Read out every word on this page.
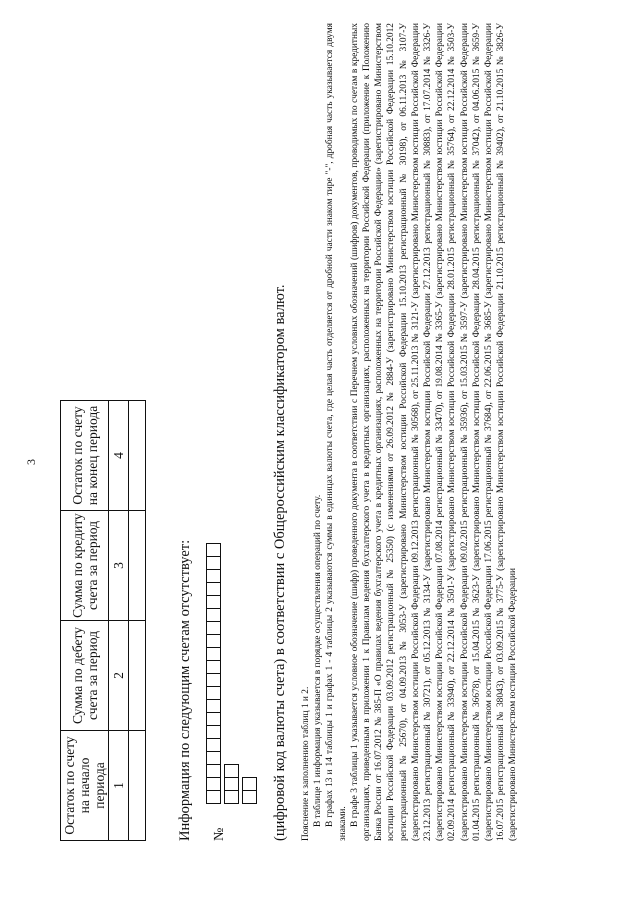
3
Остаток по счету на начало периода	Сумма по дебету счета за период	Сумма по кредиту счета за период	Остаток по счету на конец периода
1	2	3	4

Информация по следующим счетам отсутствует: №	(цифровой код валюты счета) в соответствии с Общероссийским классификатором валют. Пояснение к заполнению таблиц 1 и 2. В таблице 1 информация указывается в порядке осуществления операций по счету. В графах 13 и 14 таблицы 1 и графах 1 - 4 таблицы 2 указываются суммы в единицах валюты счета, где целая часть отделяется от дробной части знаком тире "-", дробная часть указывается двумя знаками. В графе 3 таблицы 1 указывается условное обозначение (шифр) проведенного документа в соответствии с Перечнем условных обозначений (шифров) документов, проводимых по счетам в кредитных организациях, приведенным в приложении 1 к Правилам ведения бухгалтерского учета в кредитных организациях, расположенных на территории Российской Федерации (приложение к Положению Банка России от 16.07.2012 № 385-П «О правилах ведения бухгалтерского учета в кредитных организациях, расположенных на территории Российской Федерации» (зарегистрировано Министерством юстиции Российской Федерации 03.09.2012 регистрационный № 25350) (с изменениями от 26.09.2012 № 2884-У (зарегистрировано Министерством юстиции Российской Федерации 15.10.2012 регистрационный № 25670), от 04.09.2013 № 3053-У (зарегистрировано Министерством юстиции Российской Федерации 15.10.2013 регистрационный № 30198), от 06.11.2013 № 3107-У (зарегистрировано Министерством юстиции Российской Федерации 09.12.2013 регистрационный № 30568), от 25.11.2013 № 3121-У (зарегистрировано Министерством юстиции Российской Федерации 23.12.2013 регистрационный № 30721), от 05.12.2013 № 3134-У (зарегистрировано Министерством юстиции Российской Федерации 27.12.2013 регистрационный № 30883), от 17.07.2014 № 3326-У (зарегистрировано Министерством юстиции Российской Федерации 07.08.2014 регистрационный № 33470), от 19.08.2014 № 3365-У (зарегистрировано Министерством юстиции Российской Федерации 02.09.2014 регистрационный № 33940), от 22.12.2014 № 3501-У (зарегистрировано Министерством юстиции Российской Федерации 28.01.2015 регистрационный № 35764), от 22.12.2014 № 3503-У (зарегистрировано Министерством юстиции Российской Федерации 09.02.2015 регистрационный № 35936), от 15.03.2015 № 3597-У (зарегистрировано Министерством юстиции Российской Федерации 01.04.2015 регистрационный № 36678), от 15.04.2015 № 3623-У (зарегистрировано Министерством юстиции Российской Федерации 28.04.2015 регистрационный № 37042), от 04.06.2015 № 3659-У (зарегистрировано Министерством юстиции Российской Федерации 17.06.2015 регистрационный № 37684), от 22.06.2015 № 3685-У (зарегистрировано Министерством юстиции Российской Федерации 16.07.2015 регистрационный № 38043), от 03.09.2015 № 3775-У (зарегистрировано Министерством юстиции Российской Федерации 21.10.2015 регистрационный № 39402), от 21.10.2015 № 3826-У (зарегистрировано Министерством юстиции Российской Федерации
